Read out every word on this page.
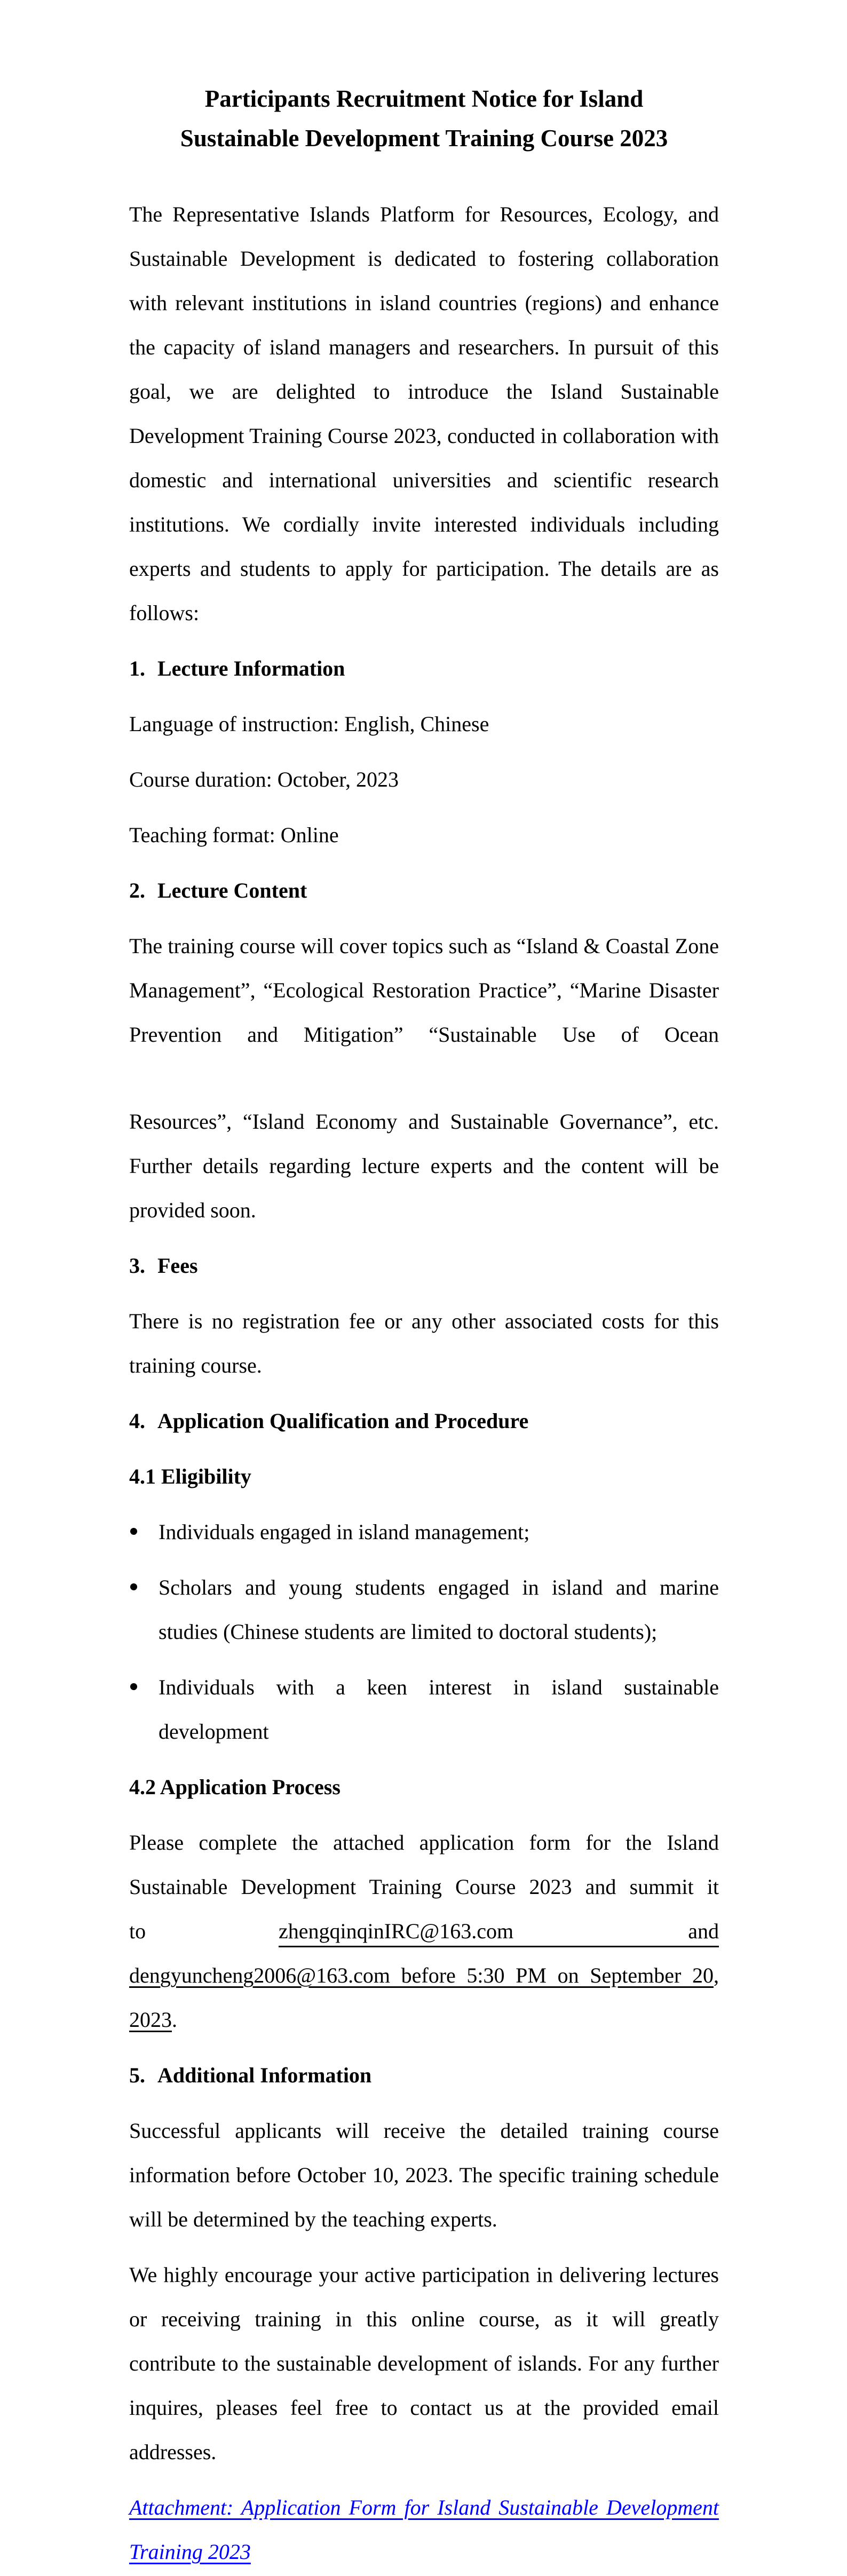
Participants Recruitment Notice for Island
Sustainable Development Training Course 2023

The Representative Islands Platform for Resources, Ecology, and Sustainable Development is dedicated to fostering collaboration with relevant institutions in island countries (regions) and enhance the capacity of island managers and researchers. In pursuit of this goal, we are delighted to introduce the Island Sustainable Development Training Course 2023, conducted in collaboration with domestic and international universities and scientific research institutions. We cordially invite interested individuals including experts and students to apply for participation. The details are as follows:

1. Lecture Information

Language of instruction: English, Chinese

Course duration: October, 2023

Teaching format: Online

2. Lecture Content

The training course will cover topics such as “Island & Coastal Zone Management”, “Ecological Restoration Practice”, “Marine Disaster Prevention and Mitigation” “Sustainable Use of Ocean

Resources”, “Island Economy and Sustainable Governance”, etc. Further details regarding lecture experts and the content will be provided soon.

3. Fees

There is no registration fee or any other associated costs for this training course.

4. Application Qualification and Procedure
4.1 Eligibility
Individuals engaged in island management;
Scholars and young students engaged in island and marine studies (Chinese students are limited to doctoral students);
Individuals with a keen interest in island sustainable development
4.2 Application Process

Please complete the attached application form for the Island Sustainable Development Training Course 2023 and summit it

to	zhengqinqinIRC@163.com	and

dengyuncheng2006@163.com before 5:30 PM on September 20,

2023.

5. Additional Information

Successful applicants will receive the detailed training course information before October 10, 2023. The specific training schedule will be determined by the teaching experts.

We highly encourage your active participation in delivering lectures or receiving training in this online course, as it will greatly contribute to the sustainable development of islands. For any further inquires, pleases feel free to contact us at the provided email addresses.

Attachment: Application Form for Island Sustainable Development Training 2023
